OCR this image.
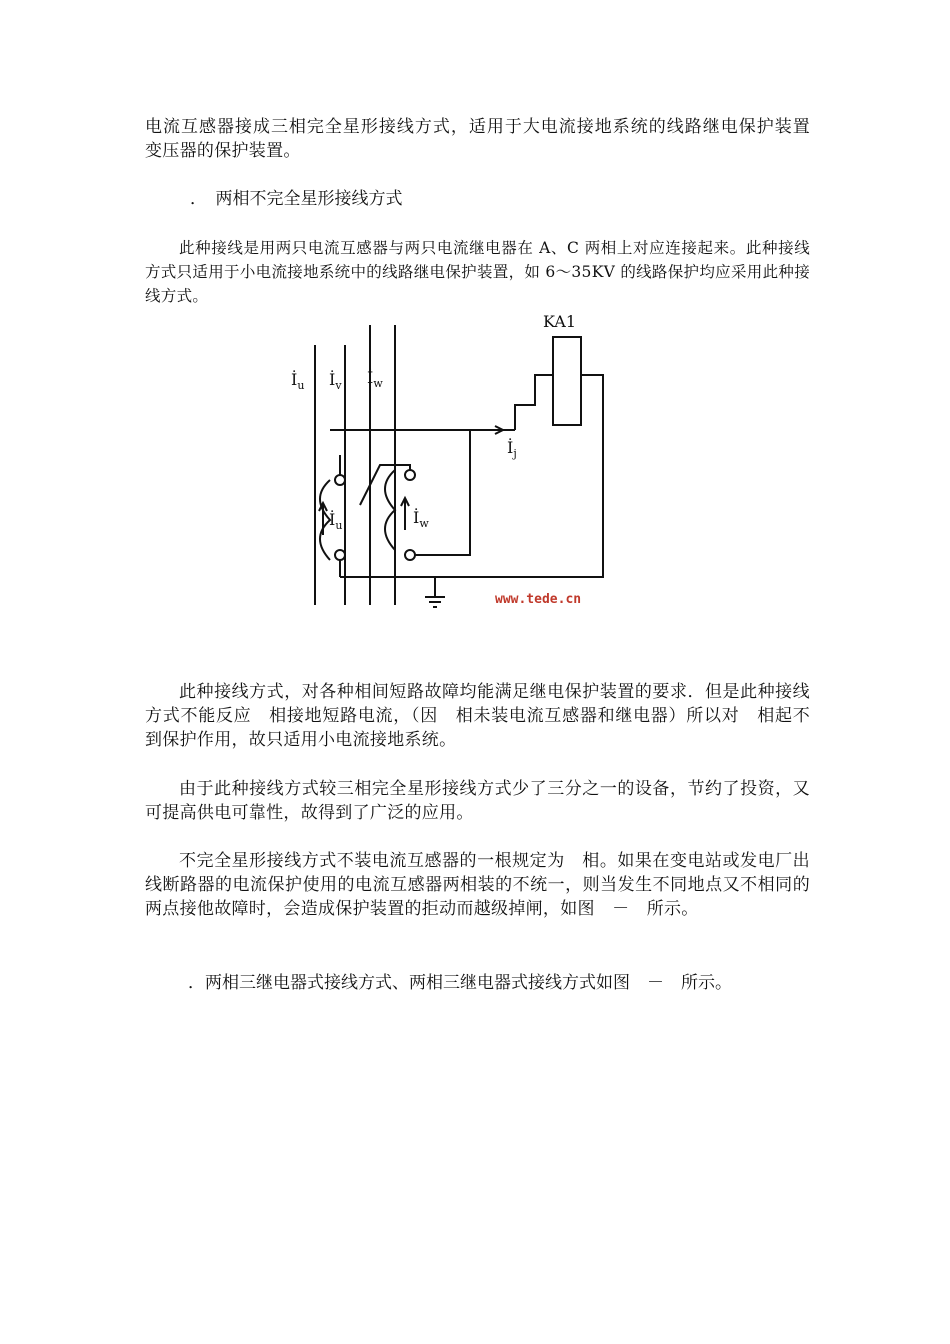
电流互感器接成三相完全星形接线方式，适用于大电流接地系统的线路继电保护装置　变压器的保护装置。

．　两相不完全星形接线方式

此种接线是用两只电流互感器与两只电流继电器在 A、C 两相上对应连接起来。此种接线方式只适用于小电流接地系统中的线路继电保护装置，如 6～35KV 的线路保护均应采用此种接线方式。

KA1
$İ_u$ $İ_v$ $İ_w$
$İ_j$
$İ_u$	$İ_w$
www.tede.cn

此种接线方式，对各种相间短路故障均能满足继电保护装置的要求．但是此种接线方式不能反应　相接地短路电流，（因　相未装电流互感器和继电器）所以对　相起不到保护作用，故只适用小电流接地系统。

由于此种接线方式较三相完全星形接线方式少了三分之一的设备，节约了投资，又可提高供电可靠性，故得到了广泛的应用。

不完全星形接线方式不装电流互感器的一根规定为　相。如果在变电站或发电厂出线断路器的电流保护使用的电流互感器两相装的不统一，则当发生不同地点又不相同的两点接他故障时，会造成保护装置的拒动而越级掉闸，如图　－　所示。

．两相三继电器式接线方式、两相三继电器式接线方式如图　－　所示。
